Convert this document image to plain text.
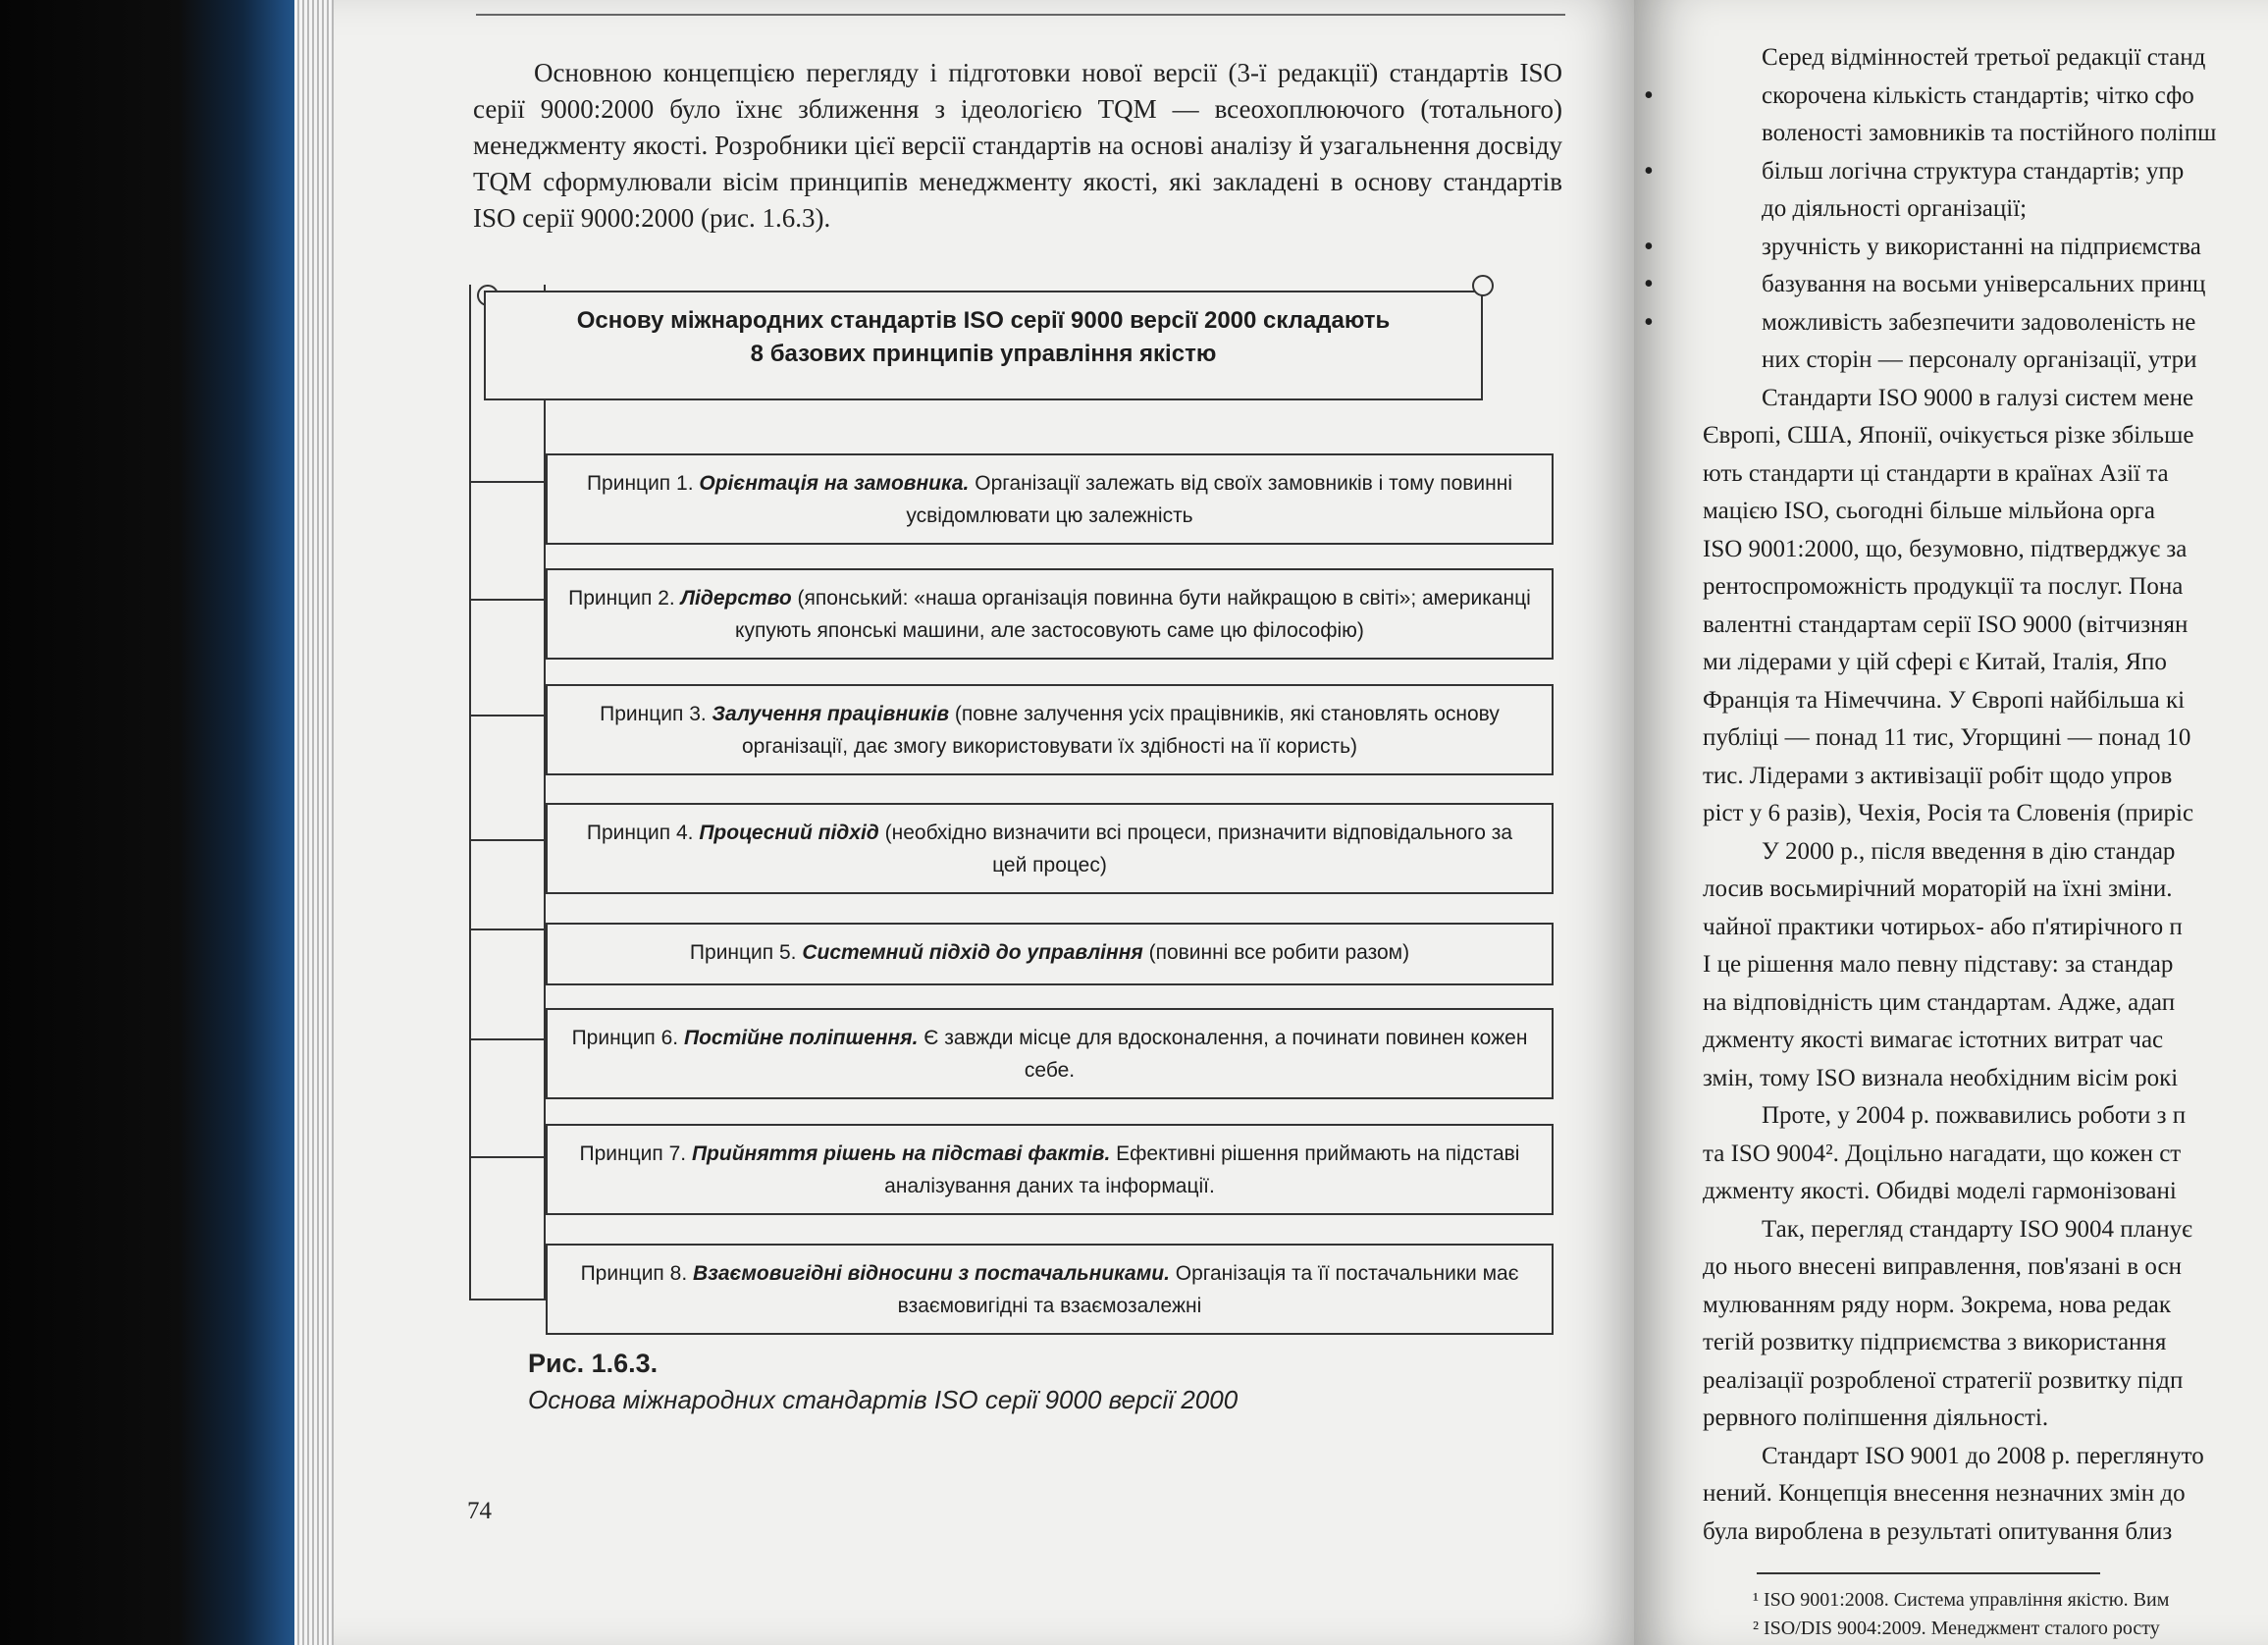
Основною концепцією перегляду і підготовки нової версії (3-ї редакції) стандартів ISO серії 9000:2000 було їхнє зближення з ідеологією TQM — всеохоплюючого (тотального) менеджменту якості. Розробники цієї версії стандартів на основі аналізу й узагальнення досвіду TQM сформулювали вісім принципів менеджменту якості, які закладені в основу стандартів ISO серії 9000:2000 (рис. 1.6.3).

Основу міжнародних стандартів ISO серії 9000 версії 2000 складають
8 базових принципів управління якістю
Принцип 1. Орієнтація на замовника. Організації залежать від своїх замовників і тому повинні усвідомлювати цю залежність
Принцип 2. Лідерство (японський: «наша організація повинна бути найкращою в світі»; американці купують японські машини, але застосовують саме цю філософію)
Принцип 3. Залучення працівників (повне залучення усіх працівників, які становлять основу організації, дає змогу використовувати їх здібності на її користь)
Принцип 4. Процесний підхід (необхідно визначити всі процеси, призначити відповідального за цей процес)
Принцип 5. Системний підхід до управління (повинні все робити разом)
Принцип 6. Постійне поліпшення. Є завжди місце для вдосконалення, а починати повинен кожен себе.
Принцип 7. Прийняття рішень на підставі фактів. Ефективні рішення приймають на підставі аналізування даних та інформації.
Принцип 8. Взаємовигідні відносини з постачальниками. Організація та її постачальники має взаємовигідні та взаємозалежні
Рис. 1.6.3.
Основа міжнародних стандартів ISO серії 9000 версії 2000
74
Серед відмінностей третьої редакції станд
• скорочена кількість стандартів; чітко сфо
воленості замовників та постійного поліпш
• більш логічна структура стандартів; упр
до діяльності організації;
• зручність у використанні на підприємства
• базування на восьми універсальних принц
• можливість забезпечити задоволеність не
них сторін — персоналу організації, утри
Стандарти ISO 9000 в галузі систем мене
Європі, США, Японії, очікується різке збільше
ють стандарти ці стандарти в країнах Азії та
мацією ISO, сьогодні більше мільйона орга
ISO 9001:2000, що, безумовно, підтверджує за
рентоспроможність продукції та послуг. Пона
валентні стандартам серії ISO 9000 (вітчизнян
ми лідерами у цій сфері є Китай, Італія, Япо
Франція та Німеччина. У Європі найбільша кі
публіці — понад 11 тис, Угорщині — понад 10
тис. Лідерами з активізації робіт щодо упров
ріст у 6 разів), Чехія, Росія та Словенія (приріс
У 2000 р., після введення в дію стандар
лосив восьмирічний мораторій на їхні зміни.
чайної практики чотирьох- або п'ятирічного п
І це рішення мало певну підставу: за стандар
на відповідність цим стандартам. Адже, адап
джменту якості вимагає істотних витрат час
змін, тому ISO визнала необхідним вісім рокі
Проте, у 2004 р. пожвавились роботи з п
та ISO 9004². Доцільно нагадати, що кожен ст
джменту якості. Обидві моделі гармонізовані
Так, перегляд стандарту ISO 9004 планує
до нього внесені виправлення, пов'язані в осн
мулюванням ряду норм. Зокрема, нова редак
тегій розвитку підприємства з використання
реалізації розробленої стратегії розвитку підп
рервного поліпшення діяльності.
Стандарт ISO 9001 до 2008 р. переглянуто
нений. Концепція внесення незначних змін до
була вироблена в результаті опитування близ
¹ ISO 9001:2008. Система управління якістю. Вим
² ISO/DIS 9004:2009. Менеджмент сталого росту
